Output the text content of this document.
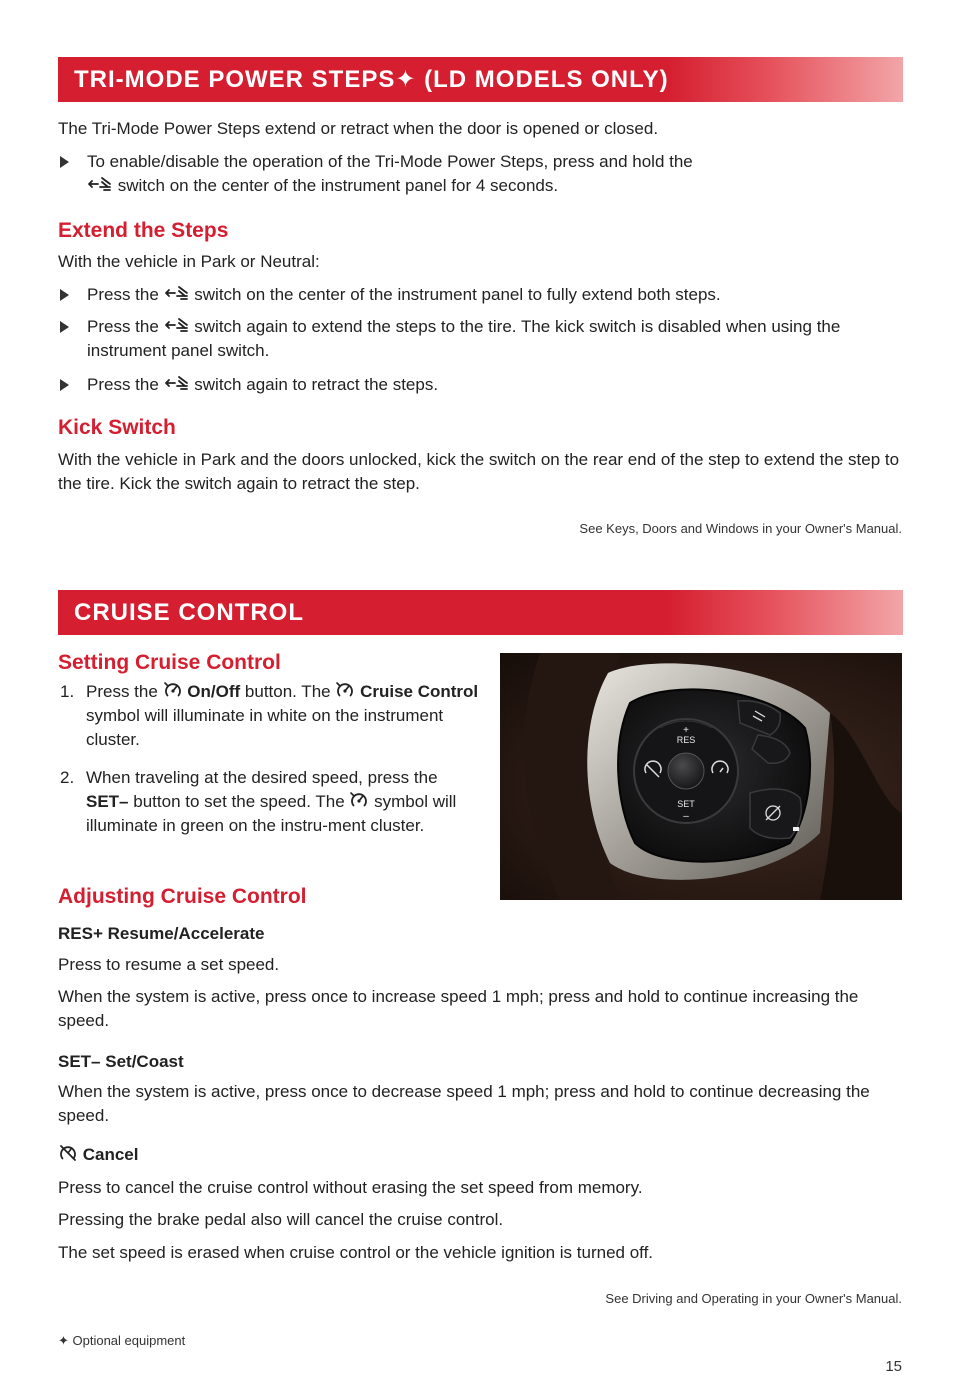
TRI-MODE POWER STEPS✦ (LD MODELS ONLY)

The Tri-Mode Power Steps extend or retract when the door is opened or closed.

To enable/disable the operation of the Tri-Mode Power Steps, press and hold the

switch on the center of the instrument panel for 4 seconds.
Extend the Steps

With the vehicle in Park or Neutral:

Press the switch on the center of the instrument panel to fully extend both steps.
Press the switch again to extend the steps to the tire. The kick switch is disabled when using the instrument panel switch.
Press the switch again to retract the steps.
Kick Switch

With the vehicle in Park and the doors unlocked, kick the switch on the rear end of the step to extend the step to the tire. Kick the switch again to retract the step.

See Keys, Doors and Windows in your Owner's Manual.
CRUISE CONTROL
Setting Cruise Control
1. Press the On/Off button. The Cruise Control symbol will illuminate in white on the instrument cluster.
2. When traveling at the desired speed, press the SET– button to set the speed. The symbol will illuminate in green on the instru-ment cluster.
RES
+
SET
–
Adjusting Cruise Control
RES+ Resume/Accelerate

Press to resume a set speed.

When the system is active, press once to increase speed 1 mph; press and hold to continue increasing the speed.

SET– Set/Coast

When the system is active, press once to decrease speed 1 mph; press and hold to continue decreasing the speed.

Cancel

Press to cancel the cruise control without erasing the set speed from memory.

Pressing the brake pedal also will cancel the cruise control.

The set speed is erased when cruise control or the vehicle ignition is turned off.

See Driving and Operating in your Owner's Manual.
✦ Optional equipment
15
